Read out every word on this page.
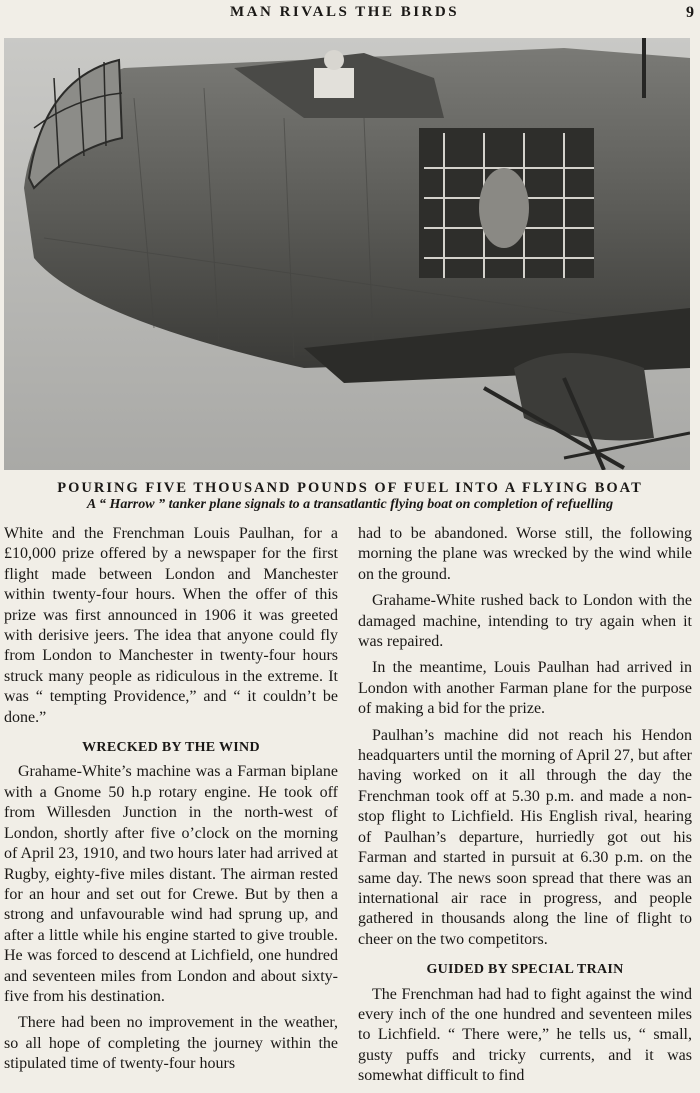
MAN RIVALS THE BIRDS	9
POURING FIVE THOUSAND POUNDS OF FUEL INTO A FLYING BOAT
A “ Harrow ” tanker plane signals to a transatlantic flying boat on completion of refuelling

White and the Frenchman Louis Paulhan, for a £10,000 prize offered by a newspaper for the first flight made between London and Manchester within twenty-four hours. When the offer of this prize was first announced in 1906 it was greeted with derisive jeers. The idea that anyone could fly from London to Manchester in twenty-four hours struck many people as ridiculous in the extreme. It was “ tempting Providence,” and “ it couldn’t be done.”

WRECKED BY THE WIND

Grahame-White’s machine was a Farman biplane with a Gnome 50 h.p rotary engine. He took off from Willesden Junction in the north-west of London, shortly after five o’clock on the morning of April 23, 1910, and two hours later had arrived at Rugby, eighty-five miles distant. The airman rested for an hour and set out for Crewe. But by then a strong and unfavourable wind had sprung up, and after a little while his engine started to give trouble. He was forced to descend at Lichfield, one hundred and seventeen miles from London and about sixty-five from his destination.

There had been no improvement in the weather, so all hope of completing the journey within the stipulated time of twenty-four hours

had to be abandoned. Worse still, the following morning the plane was wrecked by the wind while on the ground.

Grahame-White rushed back to London with the damaged machine, intending to try again when it was repaired.

In the meantime, Louis Paulhan had arrived in London with another Farman plane for the purpose of making a bid for the prize.

Paulhan’s machine did not reach his Hendon headquarters until the morning of April 27, but after having worked on it all through the day the Frenchman took off at 5.30 p.m. and made a non-stop flight to Lichfield. His English rival, hearing of Paulhan’s departure, hurriedly got out his Farman and started in pursuit at 6.30 p.m. on the same day. The news soon spread that there was an international air race in progress, and people gathered in thousands along the line of flight to cheer on the two competitors.

GUIDED BY SPECIAL TRAIN

The Frenchman had had to fight against the wind every inch of the one hundred and seventeen miles to Lichfield. “ There were,” he tells us, “ small, gusty puffs and tricky currents, and it was somewhat difficult to find
